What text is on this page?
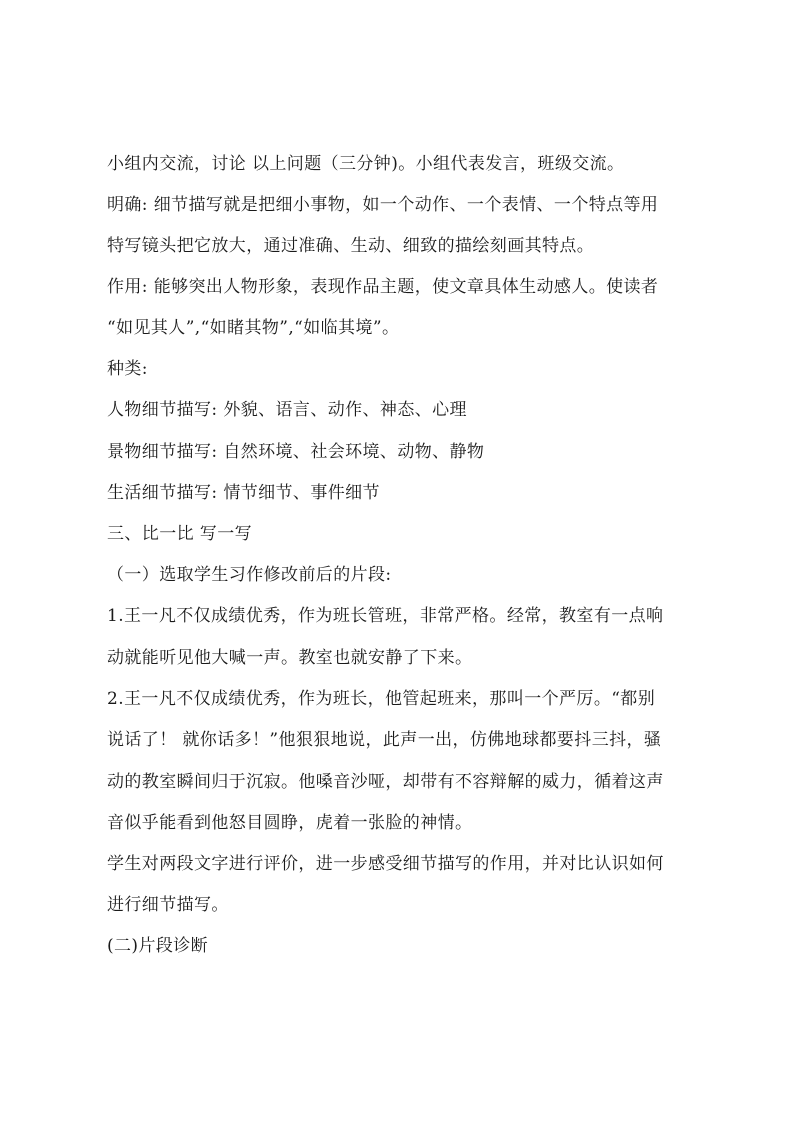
小组内交流，讨论 以上问题（三分钟)。小组代表发言，班级交流。
明确: 细节描写就是把细小事物，如一个动作、一个表情、一个特点等用
特写镜头把它放大，通过准确、生动、细致的描绘刻画其特点。
作用: 能够突出人物形象，表现作品主题，使文章具体生动感人。使读者
“如见其人”,“如睹其物”,“如临其境”。
种类:
人物细节描写: 外貌、语言、动作、神态、心理
景物细节描写: 自然环境、社会环境、动物、静物
生活细节描写: 情节细节、事件细节
三、比一比 写一写
（一）选取学生习作修改前后的片段:
1.王一凡不仅成绩优秀，作为班长管班，非常严格。经常，教室有一点响
动就能听见他大喊一声。教室也就安静了下来。
2.王一凡不仅成绩优秀，作为班长，他管起班来，那叫一个严厉。“都别
说话了！ 就你话多！”他狠狠地说，此声一出，仿佛地球都要抖三抖，骚
动的教室瞬间归于沉寂。他嗓音沙哑，却带有不容辩解的威力，循着这声
音似乎能看到他怒目圆睁，虎着一张脸的神情。
学生对两段文字进行评价，进一步感受细节描写的作用，并对比认识如何
进行细节描写。
(二)片段诊断
